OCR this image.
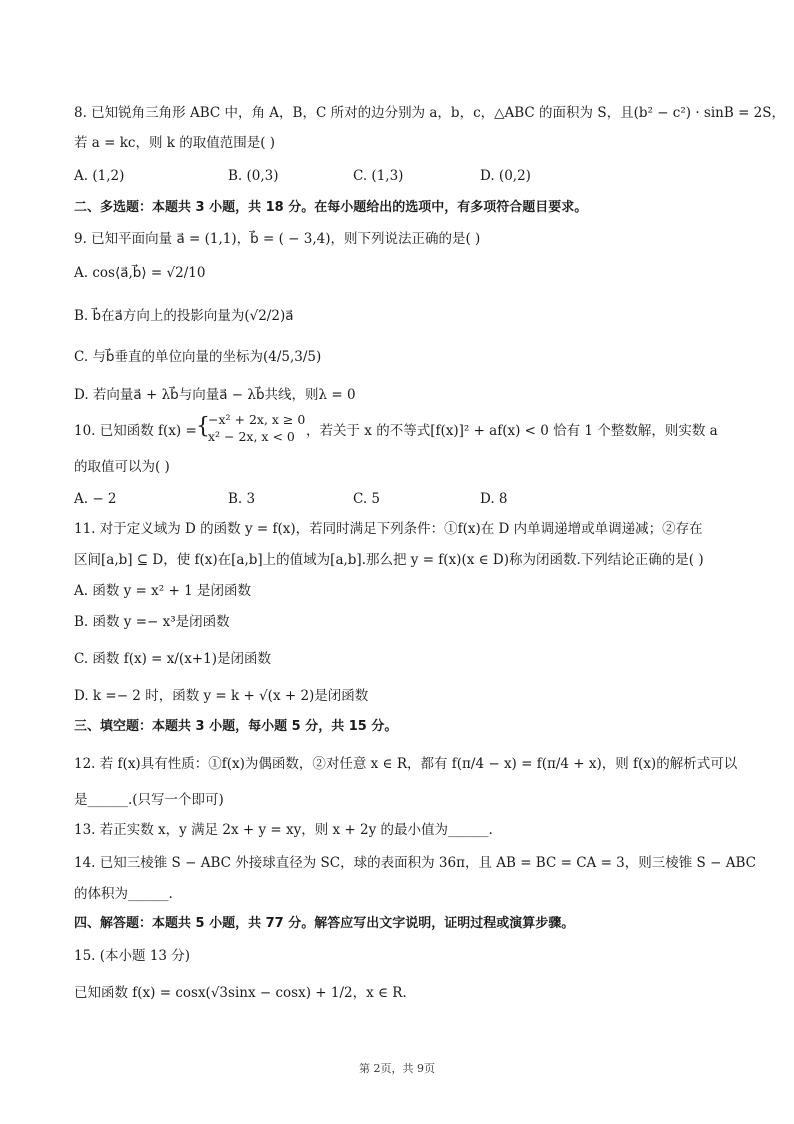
8. 已知锐角三角形 ABC 中，角 A，B，C 所对的边分别为 a，b，c，△ABC 的面积为 S，且(b² − c²) · sinB = 2S，
若 a = kc，则 k 的取值范围是( )
A. (1,2)	B. (0,3)	C. (1,3)	D. (0,2)
二、多选题：本题共 3 小题，共 18 分。在每小题给出的选项中，有多项符合题目要求。
9. 已知平面向量 a⃗ = (1,1)，b⃗ = ( − 3,4)，则下列说法正确的是( )
A. cos⟨a⃗,b⃗⟩ = √2/10
B. b⃗在a⃗方向上的投影向量为(√2/2)a⃗
C. 与b⃗垂直的单位向量的坐标为(4/5,3/5)
D. 若向量a⃗ + λb⃗与向量a⃗ − λb⃗共线，则λ = 0
10. 已知函数 f(x) = {
−x² + 2x, x ≥ 0
x² − 2x, x < 0 ，若关于 x 的不等式[f(x)]² + af(x) < 0 恰有 1 个整数解，则实数 a
的取值可以为( )
A. − 2	B. 3	C. 5	D. 8
11. 对于定义域为 D 的函数 y = f(x)，若同时满足下列条件：①f(x)在 D 内单调递增或单调递减；②存在
区间[a,b] ⊆ D，使 f(x)在[a,b]上的值域为[a,b].那么把 y = f(x)(x ∈ D)称为闭函数.下列结论正确的是( )
A. 函数 y = x² + 1 是闭函数
B. 函数 y =− x³是闭函数
C. 函数 f(x) = x/(x+1)是闭函数
D. k =− 2 时，函数 y = k + √(x + 2)是闭函数
三、填空题：本题共 3 小题，每小题 5 分，共 15 分。
12. 若 f(x)具有性质：①f(x)为偶函数，②对任意 x ∈ R，都有 f(π/4 − x) = f(π/4 + x)，则 f(x)的解析式可以
是______.(只写一个即可)
13. 若正实数 x，y 满足 2x + y = xy，则 x + 2y 的最小值为______.
14. 已知三棱锥 S − ABC 外接球直径为 SC，球的表面积为 36π，且 AB = BC = CA = 3，则三棱锥 S − ABC
的体积为______.
四、解答题：本题共 5 小题，共 77 分。解答应写出文字说明，证明过程或演算步骤。
15. (本小题 13 分)
已知函数 f(x) = cosx(√3sinx − cosx) + 1/2，x ∈ R.
第 2页，共 9页
